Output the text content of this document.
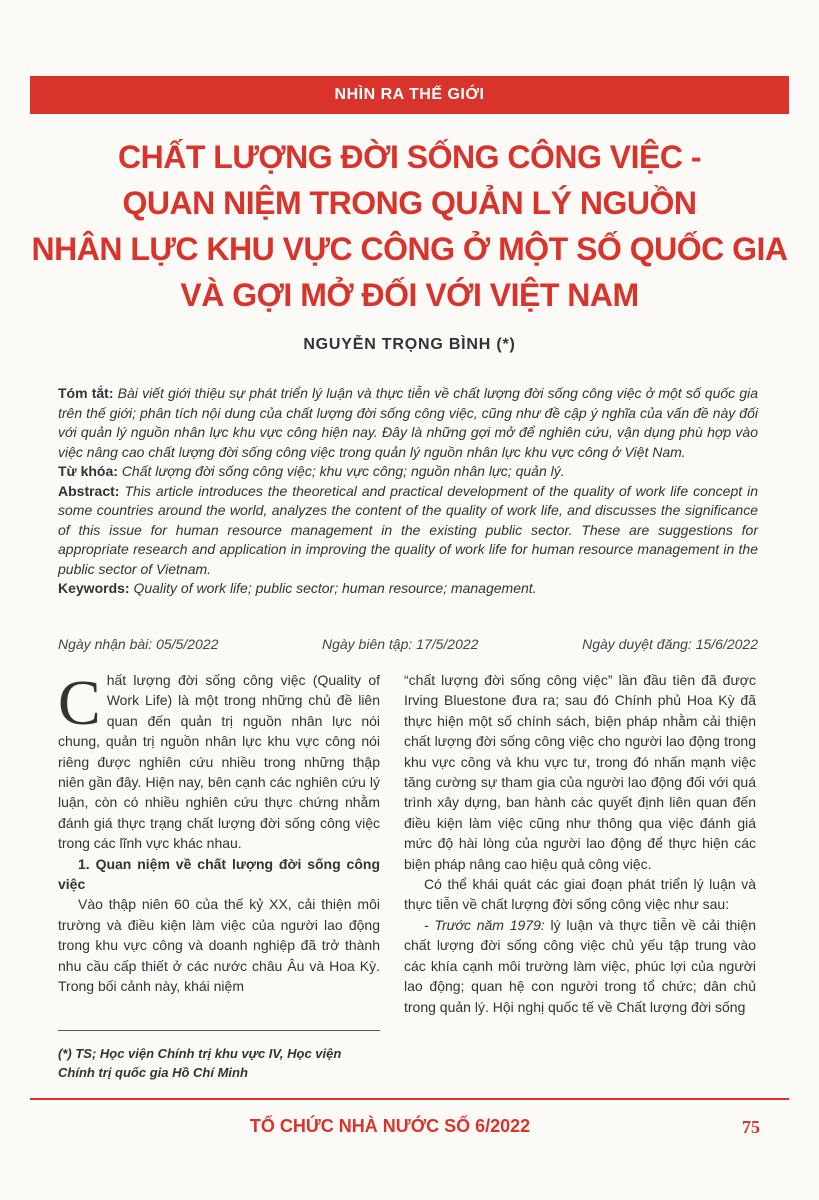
NHÌN RA THẾ GIỚI
CHẤT LƯỢNG ĐỜI SỐNG CÔNG VIỆC -
QUAN NIỆM TRONG QUẢN LÝ NGUỒN
NHÂN LỰC KHU VỰC CÔNG Ở MỘT SỐ QUỐC GIA
VÀ GỢI MỞ ĐỐI VỚI VIỆT NAM
NGUYỄN TRỌNG BÌNH (*)

Tóm tắt: Bài viết giới thiệu sự phát triển lý luận và thực tiễn về chất lượng đời sống công việc ở một số quốc gia trên thế giới; phân tích nội dung của chất lượng đời sống công việc, cũng như đề cập ý nghĩa của vấn đề này đối với quản lý nguồn nhân lực khu vực công hiện nay. Đây là những gợi mở để nghiên cứu, vận dụng phù hợp vào việc nâng cao chất lượng đời sống công việc trong quản lý nguồn nhân lực khu vực công ở Việt Nam.

Từ khóa: Chất lượng đời sống công việc; khu vực công; nguồn nhân lực; quản lý.

Abstract: This article introduces the theoretical and practical development of the quality of work life concept in some countries around the world, analyzes the content of the quality of work life, and discusses the significance of this issue for human resource management in the existing public sector. These are suggestions for appropriate research and application in improving the quality of work life for human resource management in the public sector of Vietnam.

Keywords: Quality of work life; public sector; human resource; management.

Ngày nhận bài: 05/5/2022	Ngày biên tập: 17/5/2022	Ngày duyệt đăng: 15/6/2022

Chất lượng đời sống công việc (Quality of Work Life) là một trong những chủ đề liên quan đến quản trị nguồn nhân lực nói chung, quản trị nguồn nhân lực khu vực công nói riêng được nghiên cứu nhiều trong những thập niên gần đây. Hiện nay, bên cạnh các nghiên cứu lý luận, còn có nhiều nghiên cứu thực chứng nhằm đánh giá thực trạng chất lượng đời sống công việc trong các lĩnh vực khác nhau.

1. Quan niệm về chất lượng đời sống công việc

Vào thập niên 60 của thế kỷ XX, cải thiện môi trường và điều kiện làm việc của người lao động trong khu vực công và doanh nghiệp đã trở thành nhu cầu cấp thiết ở các nước châu Âu và Hoa Kỳ. Trong bối cảnh này, khái niệm

(*) TS; Học viện Chính trị khu vực IV, Học viện Chính trị quốc gia Hồ Chí Minh

“chất lượng đời sống công việc” lần đầu tiên đã được Irving Bluestone đưa ra; sau đó Chính phủ Hoa Kỳ đã thực hiện một số chính sách, biện pháp nhằm cải thiện chất lượng đời sống công việc cho người lao động trong khu vực công và khu vực tư, trong đó nhấn mạnh việc tăng cường sự tham gia của người lao động đối với quá trình xây dựng, ban hành các quyết định liên quan đến điều kiện làm việc cũng như thông qua việc đánh giá mức độ hài lòng của người lao động để thực hiện các biện pháp nâng cao hiệu quả công việc.

Có thể khái quát các giai đoạn phát triển lý luận và thực tiễn về chất lượng đời sống công việc như sau:

- Trước năm 1979: lý luận và thực tiễn về cải thiện chất lượng đời sống công việc chủ yếu tập trung vào các khía cạnh môi trường làm việc, phúc lợi của người lao động; quan hệ con người trong tổ chức; dân chủ trong quản lý. Hội nghị quốc tế về Chất lượng đời sống

TỔ CHỨC NHÀ NƯỚC SỐ 6/2022	75
